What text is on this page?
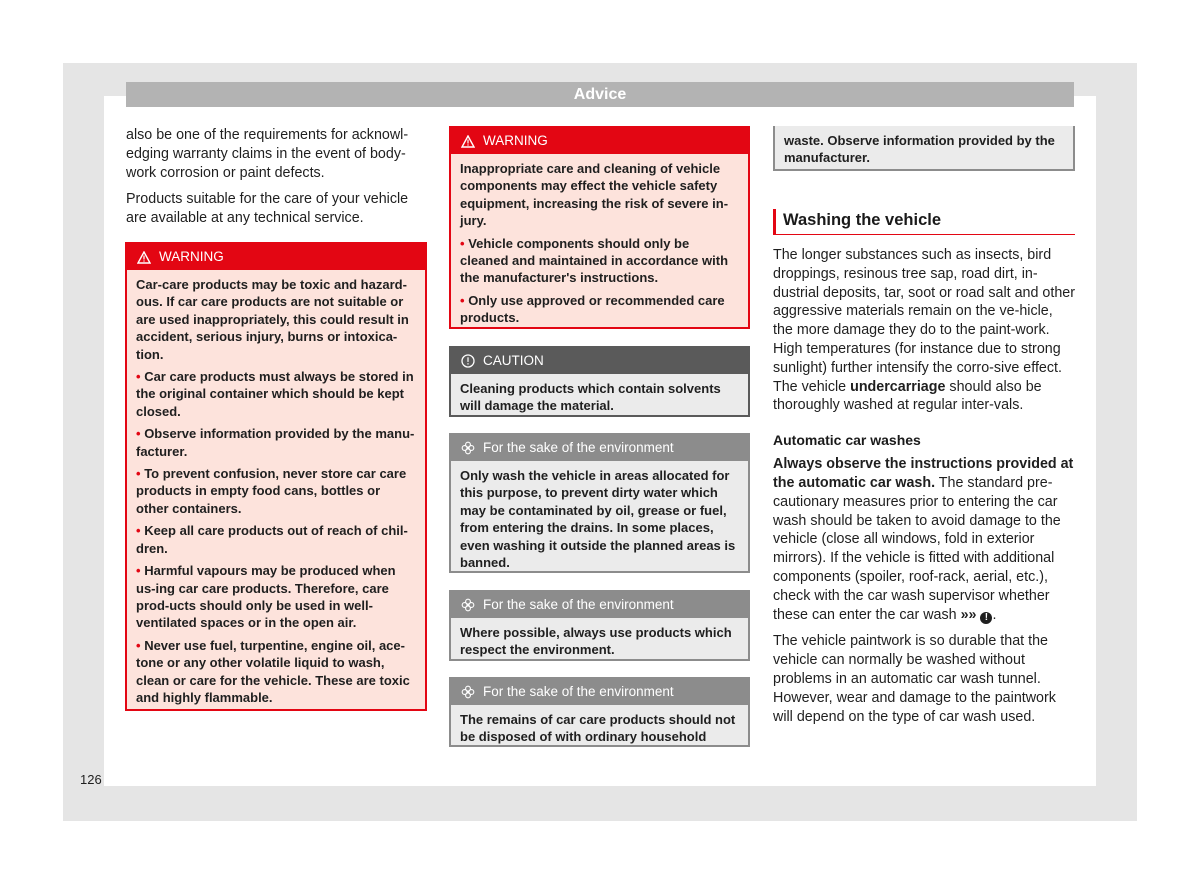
Advice

also be one of the requirements for acknowl-edging warranty claims in the event of body-work corrosion or paint defects.

Products suitable for the care of your vehicle are available at any technical service.

WARNING

Car-care products may be toxic and hazard-ous. If car care products are not suitable or are used inappropriately, this could result in accident, serious injury, burns or intoxica-tion.

• Car care products must always be stored in the original container which should be kept closed.

• Observe information provided by the manu-facturer.

• To prevent confusion, never store car care products in empty food cans, bottles or other containers.

• Keep all care products out of reach of chil-dren.

• Harmful vapours may be produced when us-ing car care products. Therefore, care prod-ucts should only be used in well-ventilated spaces or in the open air.

• Never use fuel, turpentine, engine oil, ace-tone or any other volatile liquid to wash, clean or care for the vehicle. These are toxic and highly flammable.

WARNING

Inappropriate care and cleaning of vehicle components may effect the vehicle safety equipment, increasing the risk of severe in-jury.

• Vehicle components should only be cleaned and maintained in accordance with the manufacturer's instructions.

• Only use approved or recommended care products.

CAUTION

Cleaning products which contain solvents will damage the material.

For the sake of the environment

Only wash the vehicle in areas allocated for this purpose, to prevent dirty water which may be contaminated by oil, grease or fuel, from entering the drains. In some places, even washing it outside the planned areas is banned.

For the sake of the environment

Where possible, always use products which respect the environment.

For the sake of the environment

The remains of car care products should not be disposed of with ordinary household

waste. Observe information provided by the manufacturer.

Washing the vehicle

The longer substances such as insects, bird droppings, resinous tree sap, road dirt, in-dustrial deposits, tar, soot or road salt and other aggressive materials remain on the ve-hicle, the more damage they do to the paint-work. High temperatures (for instance due to strong sunlight) further intensify the corro-sive effect. The vehicle undercarriage should also be thoroughly washed at regular inter-vals.

Automatic car washes

Always observe the instructions provided at the automatic car wash. The standard pre-cautionary measures prior to entering the car wash should be taken to avoid damage to the vehicle (close all windows, fold in exterior mirrors). If the vehicle is fitted with additional components (spoiler, roof-rack, aerial, etc.), check with the car wash supervisor whether these can enter the car wash »» ! .

The vehicle paintwork is so durable that the vehicle can normally be washed without problems in an automatic car wash tunnel. However, wear and damage to the paintwork will depend on the type of car wash used.

126
